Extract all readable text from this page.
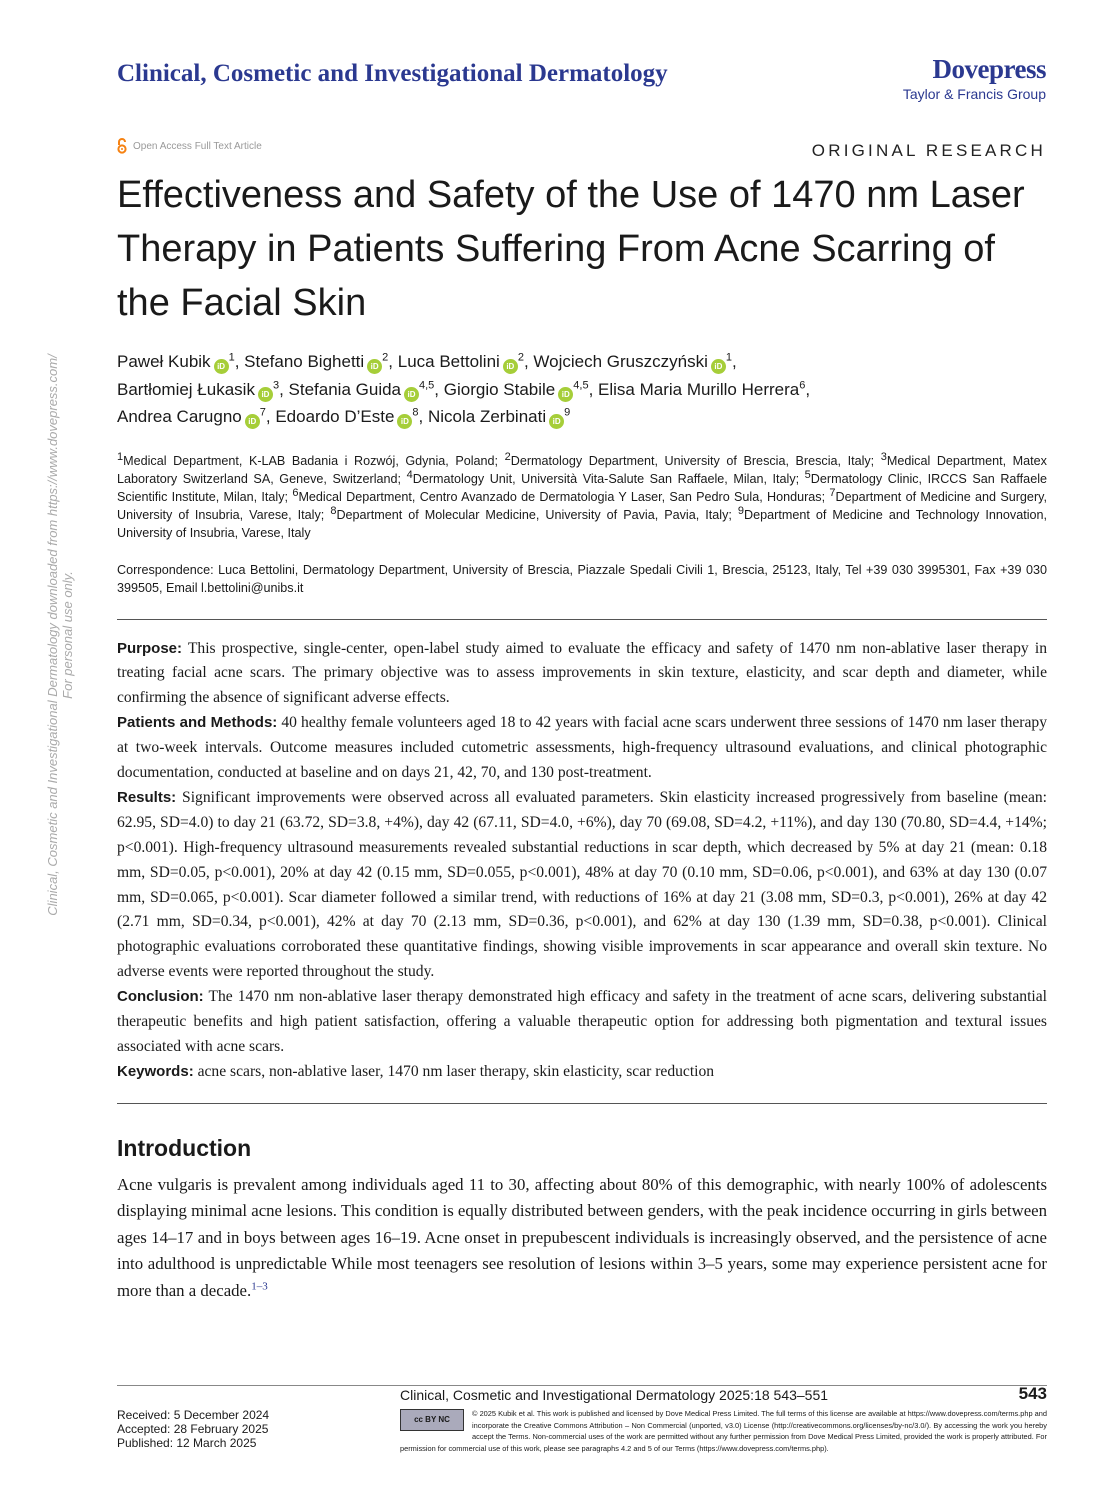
Clinical, Cosmetic and Investigational Dermatology	Dovepress
Taylor & Francis Group
Open Access Full Text Article	ORIGINAL RESEARCH
Clinical, Cosmetic and Investigational Dermatology downloaded from https://www.dovepress.com/ For personal use only.
Effectiveness and Safety of the Use of 1470 nm Laser Therapy in Patients Suffering From Acne Scarring of the Facial Skin
Paweł Kubik $iD^1$, Stefano Bighetti $iD^2$, Luca Bettolini $iD^2$, Wojciech Gruszczyński $iD^1$,
Bartłomiej Łukasik $iD^3$, Stefania Guida iD$^{4,5}$, Giorgio Stabile iD$^{4,5}$, Elisa Maria Murillo Herrera$^6$,
Andrea Carugno $iD^7$, Edoardo D’Este $iD^8$, Nicola Zerbinati $iD^9$
$^1$Medical Department, K-LAB Badania i Rozwój, Gdynia, Poland; $^2$Dermatology Department, University of Brescia, Brescia, Italy; $^3$Medical Department, Matex Laboratory Switzerland SA, Geneve, Switzerland; $^4$Dermatology Unit, Università Vita-Salute San Raffaele, Milan, Italy; $^5$Dermatology Clinic, IRCCS San Raffaele Scientific Institute, Milan, Italy; $^6$Medical Department, Centro Avanzado de Dermatologia Y Laser, San Pedro Sula, Honduras; $^7$Department of Medicine and Surgery, University of Insubria, Varese, Italy; $^8$Department of Molecular Medicine, University of Pavia, Pavia, Italy; $^9$Department of Medicine and Technology Innovation, University of Insubria, Varese, Italy
Correspondence: Luca Bettolini, Dermatology Department, University of Brescia, Piazzale Spedali Civili 1, Brescia, 25123, Italy, Tel +39 030 3995301, Fax +39 030 399505, Email l.bettolini@unibs.it

Purpose: This prospective, single-center, open-label study aimed to evaluate the efficacy and safety of 1470 nm non-ablative laser therapy in treating facial acne scars. The primary objective was to assess improvements in skin texture, elasticity, and scar depth and diameter, while confirming the absence of significant adverse effects.

Patients and Methods: 40 healthy female volunteers aged 18 to 42 years with facial acne scars underwent three sessions of 1470 nm laser therapy at two-week intervals. Outcome measures included cutometric assessments, high-frequency ultrasound evaluations, and clinical photographic documentation, conducted at baseline and on days 21, 42, 70, and 130 post-treatment.

Results: Significant improvements were observed across all evaluated parameters. Skin elasticity increased progressively from baseline (mean: 62.95, SD=4.0) to day 21 (63.72, SD=3.8, +4%), day 42 (67.11, SD=4.0, +6%), day 70 (69.08, SD=4.2, +11%), and day 130 (70.80, SD=4.4, +14%; p<0.001). High-frequency ultrasound measurements revealed substantial reductions in scar depth, which decreased by 5% at day 21 (mean: 0.18 mm, SD=0.05, p<0.001), 20% at day 42 (0.15 mm, SD=0.055, p<0.001), 48% at day 70 (0.10 mm, SD=0.06, p<0.001), and 63% at day 130 (0.07 mm, SD=0.065, p<0.001). Scar diameter followed a similar trend, with reductions of 16% at day 21 (3.08 mm, SD=0.3, p<0.001), 26% at day 42 (2.71 mm, SD=0.34, p<0.001), 42% at day 70 (2.13 mm, SD=0.36, p<0.001), and 62% at day 130 (1.39 mm, SD=0.38, p<0.001). Clinical photographic evaluations corroborated these quantitative findings, showing visible improvements in scar appearance and overall skin texture. No adverse events were reported throughout the study.

Conclusion: The 1470 nm non-ablative laser therapy demonstrated high efficacy and safety in the treatment of acne scars, delivering substantial therapeutic benefits and high patient satisfaction, offering a valuable therapeutic option for addressing both pigmentation and textural issues associated with acne scars.

Keywords: acne scars, non-ablative laser, 1470 nm laser therapy, skin elasticity, scar reduction

Introduction
Acne vulgaris is prevalent among individuals aged 11 to 30, affecting about 80% of this demographic, with nearly 100% of adolescents displaying minimal acne lesions. This condition is equally distributed between genders, with the peak incidence occurring in girls between ages 14–17 and in boys between ages 16–19. Acne onset in prepubescent individuals is increasingly observed, and the persistence of acne into adulthood is unpredictable While most teenagers see resolution of lesions within 3–5 years, some may experience persistent acne for more than a decade.$^{1-3}$
Clinical, Cosmetic and Investigational Dermatology 2025:18 543–551	543
Received: 5 December 2024
Accepted: 28 February 2025
Published: 12 March 2025
cc BY NC
© 2025 Kubik et al. This work is published and licensed by Dove Medical Press Limited. The full terms of this license are available at https://www.dovepress.com/terms.php and incorporate the Creative Commons Attribution – Non Commercial (unported, v3.0) License (http://creativecommons.org/licenses/by-nc/3.0/). By accessing the work you hereby accept the Terms. Non-commercial uses of the work are permitted without any further permission from Dove Medical Press Limited, provided the work is properly attributed. For permission for commercial use of this work, please see paragraphs 4.2 and 5 of our Terms (https://www.dovepress.com/terms.php).
